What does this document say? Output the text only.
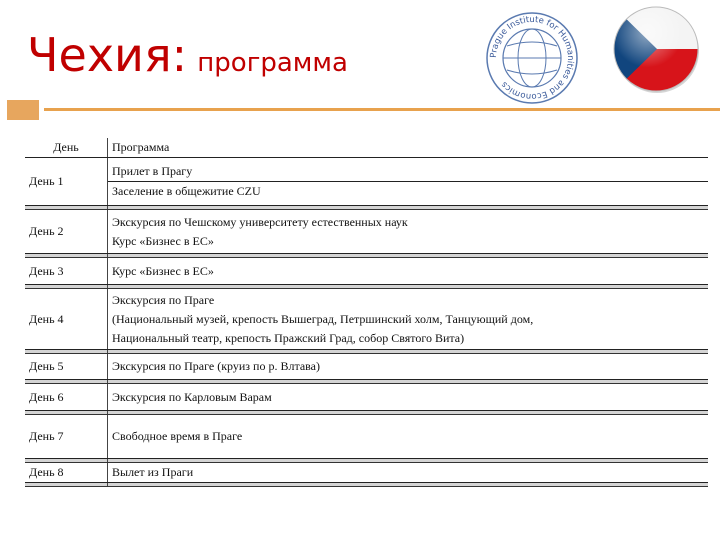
Чехия: программа	Prague Institute for Humanities and Economics
День	Программа
День 1	Прилет в Прагу
Заселение в общежитие CZU

День 2	Экскурсия по Чешскому университету естественных наук
Курс «Бизнес в ЕС»

День 3	Курс «Бизнес в ЕС»

День 4	Экскурсия по Праге
(Национальный музей, крепость Вышеград, Петршинский холм, Танцующий дом,
Национальный театр, крепость Пражский Град, собор Святого Вита)

День 5	Экскурсия по Праге (круиз по р. Влтава)

День 6	Экскурсия по Карловым Варам

День 7	Свободное время в Праге

День 8	Вылет из Праги
